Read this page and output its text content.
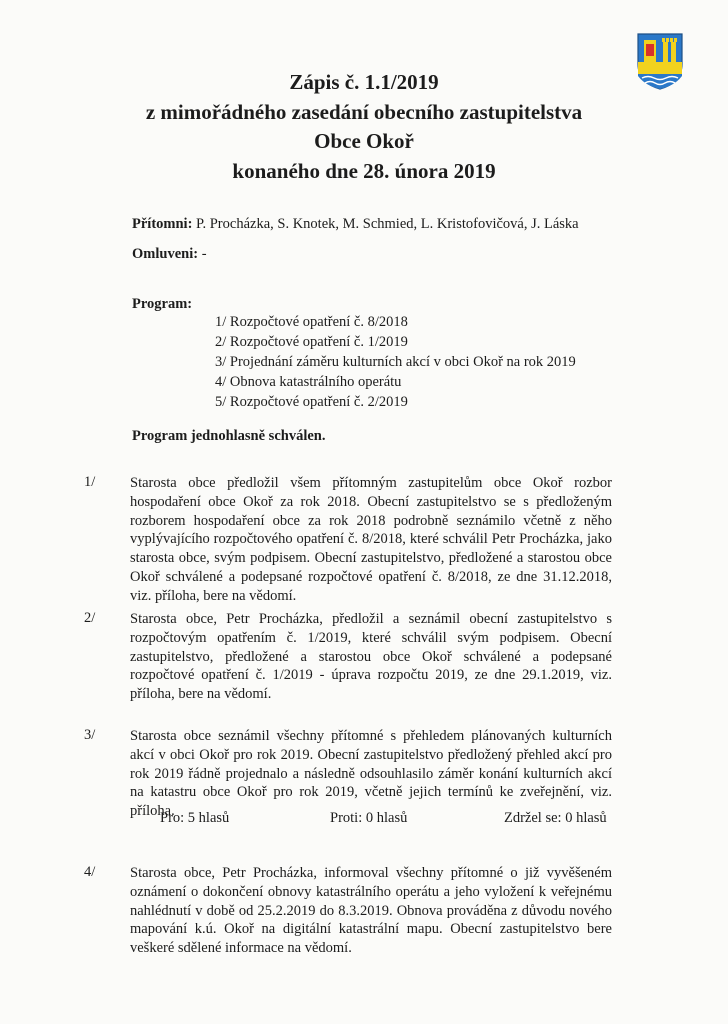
Zápis č. 1.1/2019
z mimořádného zasedání obecního zastupitelstva
Obce Okoř
konaného dne 28. února 2019
Přítomni: P. Procházka, S. Knotek, M. Schmied, L. Kristofovičová, J. Láska
Omluveni: -
Program:
1/ Rozpočtové opatření č. 8/2018
2/ Rozpočtové opatření č. 1/2019
3/ Projednání záměru kulturních akcí v obci Okoř na rok 2019
4/ Obnova katastrálního operátu
5/ Rozpočtové opatření č. 2/2019
Program jednohlasně schválen.
1/ Starosta obce předložil všem přítomným zastupitelům obce Okoř rozbor hospodaření obce Okoř za rok 2018. Obecní zastupitelstvo se s předloženým rozborem hospodaření obce za rok 2018 podrobně seznámilo včetně z něho vyplývajícího rozpočtového opatření č. 8/2018, které schválil Petr Procházka, jako starosta obce, svým podpisem. Obecní zastupitelstvo, předložené a starostou obce Okoř schválené a podepsané rozpočtové opatření č. 8/2018, ze dne 31.12.2018, viz. příloha, bere na vědomí.

2/ Starosta obce, Petr Procházka, předložil a seznámil obecní zastupitelstvo s rozpočtovým opatřením č. 1/2019, které schválil svým podpisem. Obecní zastupitelstvo, předložené a starostou obce Okoř schválené a podepsané rozpočtové opatření č. 1/2019 - úprava rozpočtu 2019, ze dne 29.1.2019, viz. příloha, bere na vědomí.

3/ Starosta obce seznámil všechny přítomné s přehledem plánovaných kulturních akcí v obci Okoř pro rok 2019. Obecní zastupitelstvo předložený přehled akcí pro rok 2019 řádně projednalo a následně odsouhlasilo záměr konání kulturních akcí na katastru obce Okoř pro rok 2019, včetně jejich termínů ke zveřejnění, viz. příloha.

Pro: 5 hlasů	Proti: 0 hlasů	Zdržel se: 0 hlasů
4/ Starosta obce, Petr Procházka, informoval všechny přítomné o již vyvěšeném oznámení o dokončení obnovy katastrálního operátu a jeho vyložení k veřejnému nahlédnutí v době od 25.2.2019 do 8.3.2019. Obnova prováděna z důvodu nového mapování k.ú. Okoř na digitální katastrální mapu. Obecní zastupitelstvo bere veškeré sdělené informace na vědomí.
